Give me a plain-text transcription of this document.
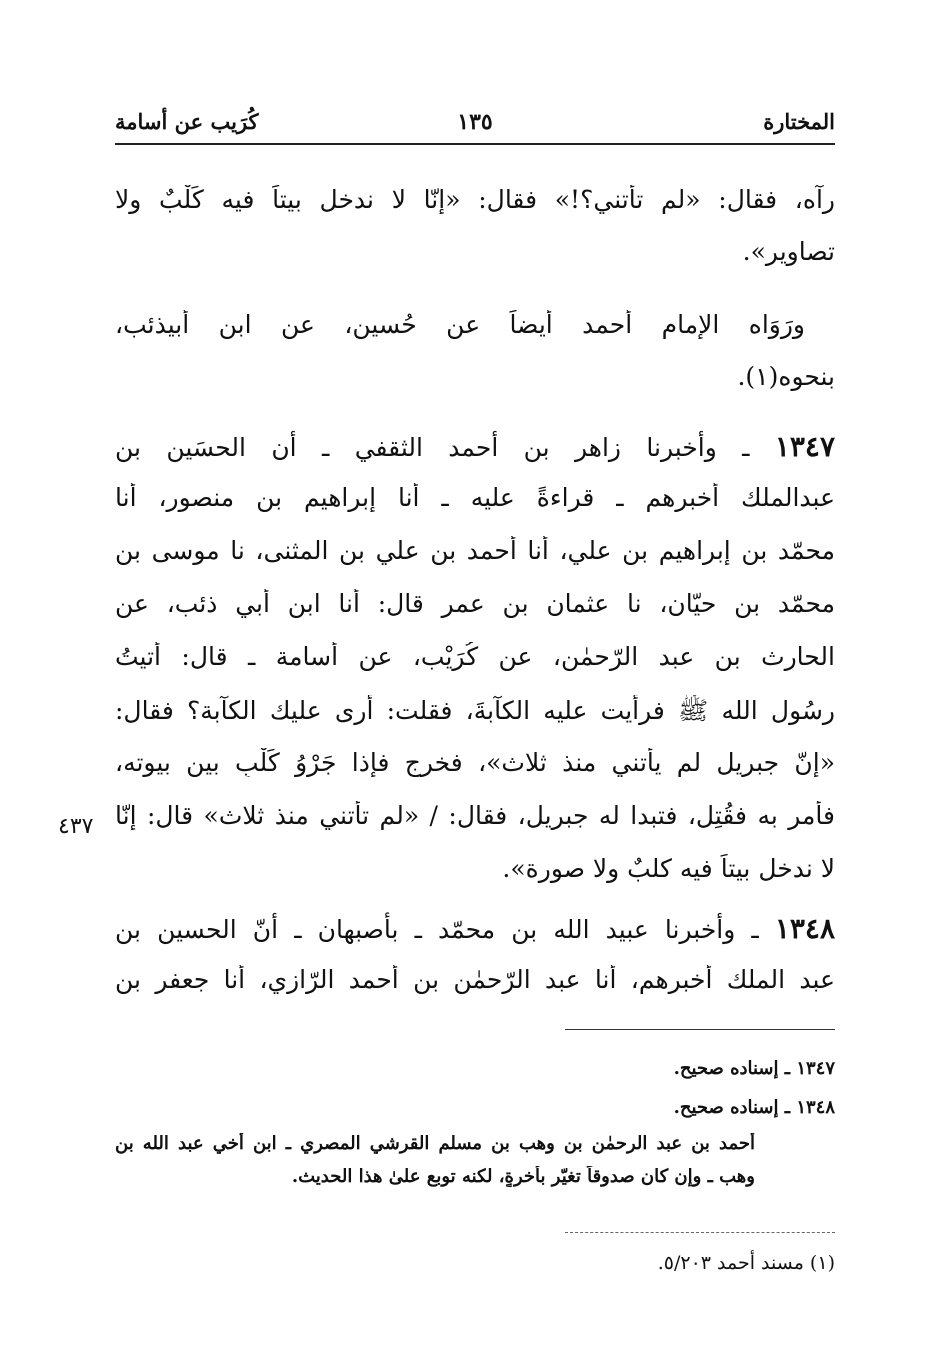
المختارة
١٣٥
كُرَيب عن أسامة
رآه، فقال: «لم تأتني؟!» فقال: «إنّا لا ندخل بيتاً فيه كَلْبٌ ولا
تصاوير».
ورَوَاه الإمام أحمد أيضاً عن حُسين، عن ابن أبيذئب،
بنحوه(١).
١٣٤٧ ـ وأخبرنا زاهر بن أحمد الثقفي ـ أن الحسَين بن
عبدالملك أخبرهم ـ قراءةً عليه ـ أنا إبراهيم بن منصور، أنا
محمّد بن إبراهيم بن علي، أنا أحمد بن علي بن المثنى، نا موسى بن
محمّد بن حيّان، نا عثمان بن عمر قال: أنا ابن أبي ذئب، عن
الحارث بن عبد الرّحمٰن، عن كُرَيْب، عن أسامة ـ قال: أتيتُ
رسُول الله ﷺ فرأيت عليه الكآبةَ، فقلت: أرى عليك الكآبة؟ فقال:
«إنّ جبريل لم يأتني منذ ثلاث»، فخرج فإذا جَرْوُ كَلْبٍ بين بيوته،
فأمر به فقُتِل، فتبدا له جبريل، فقال: / «لم تأتني منذ ثلاث» قال: إنّا
لا ندخل بيتاً فيه كلبٌ ولا صورة».
٤٣٧
١٣٤٨ ـ وأخبرنا عبيد الله بن محمّد ـ بأصبهان ـ أنّ الحسين بن
عبد الملك أخبرهم، أنا عبد الرّحمٰن بن أحمد الرّازي، أنا جعفر بن
١٣٤٧ ـ إسناده صحيح.
١٣٤٨ ـ إسناده صحيح.
أحمد بن عبد الرحمٰن بن وهب بن مسلم القرشي المصري ـ ابن أخي عبد الله بن
وهب ـ وإن كان صدوقاً تغيّر بأخرةٍ، لكنه توبع علىٰ هذا الحديث.
(١) مسند أحمد ٥/٢٠٣.
